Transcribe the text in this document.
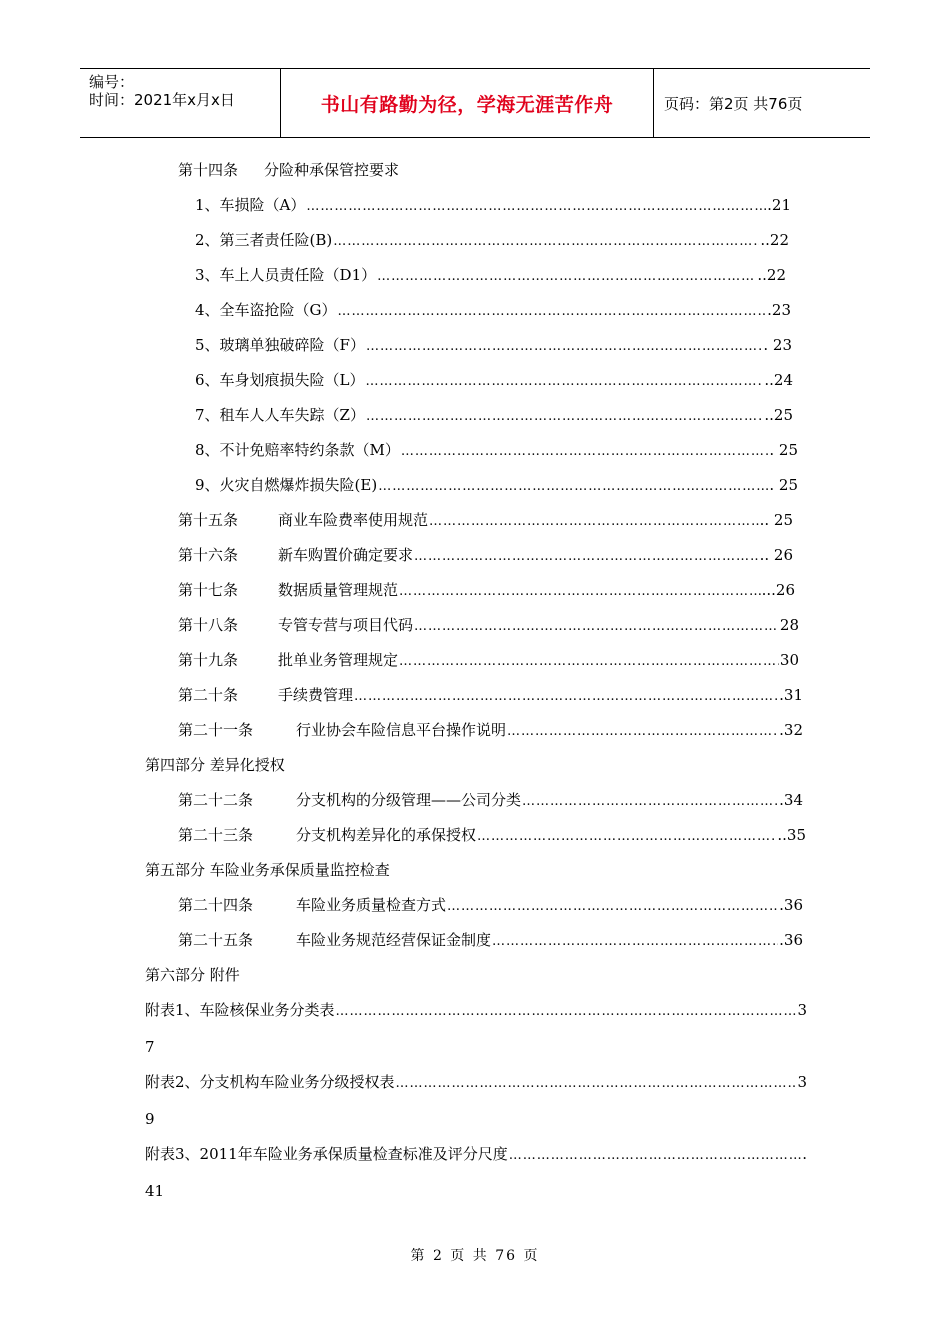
编号：
时间：2021年x月x日	书山有路勤为径，学海无涯苦作舟	页码：第2页 共76页
第十四条 分险种承保管控要求
1、车损险（A） ……………………………………………………………………………………………………………………………………………………………………………………………………………	.21
2、第三者责任险(B) ……………………………………………………………………………………………………………………………………………………………………………………………………………	..22
3、车上人员责任险（D1） ……………………………………………………………………………………………………………………………………………………………………………………………………………	..22
4、全车盗抢险（G） ……………………………………………………………………………………………………………………………………………………………………………………………………………	.23
5、玻璃单独破碎险（F） ……………………………………………………………………………………………………………………………………………………………………………………………………………	. 23
6、车身划痕损失险（L） ……………………………………………………………………………………………………………………………………………………………………………………………………………	..24
7、租车人人车失踪（Z） ……………………………………………………………………………………………………………………………………………………………………………………………………………	..25
8、不计免赔率特约条款（M） ……………………………………………………………………………………………………………………………………………………………………………………………………………	. 25
9、火灾自燃爆炸损失险(E) ……………………………………………………………………………………………………………………………………………………………………………………………………………	. 25
第十五条	商业车险费率使用规范 ……………………………………………………………………………………………………………………………………………………………………………………………………………	.. 25
第十六条	新车购置价确定要求 ……………………………………………………………………………………………………………………………………………………………………………………………………………	.. 26
第十七条	数据质量管理规范 ……………………………………………………………………………………………………………………………………………………………………………………………………………	...26
第十八条	专管专营与项目代码 ……………………………………………………………………………………………………………………………………………………………………………………………………………	28
第十九条	批单业务管理规定 ……………………………………………………………………………………………………………………………………………………………………………………………………………	30
第二十条	手续费管理 ……………………………………………………………………………………………………………………………………………………………………………………………………………	.31
第二十一条	行业协会车险信息平台操作说明 ……………………………………………………………………………………………………………………………………………………………………………………………………………	.32
第四部分 差异化授权
第二十二条	分支机构的分级管理——公司分类 ……………………………………………………………………………………………………………………………………………………………………………………………………………	.34
第二十三条	分支机构差异化的承保授权 ……………………………………………………………………………………………………………………………………………………………………………………………………………	..35
第五部分 车险业务承保质量监控检查
第二十四条	车险业务质量检查方式 ……………………………………………………………………………………………………………………………………………………………………………………………………………	.36
第二十五条	车险业务规范经营保证金制度 ……………………………………………………………………………………………………………………………………………………………………………………………………………	.36
第六部分 附件
附表1、车险核保业务分类表 ……………………………………………………………………………………………………………………………………………………………………………………………………………	3
7
附表2、分支机构车险业务分级授权表 ……………………………………………………………………………………………………………………………………………………………………………………………………………	3
9
附表3、2011年车险业务承保质量检查标准及评分尺度 ……………………………………………………………………………………………………………………………………………………………………………………………………………	.
41
第 2 页 共 76 页
